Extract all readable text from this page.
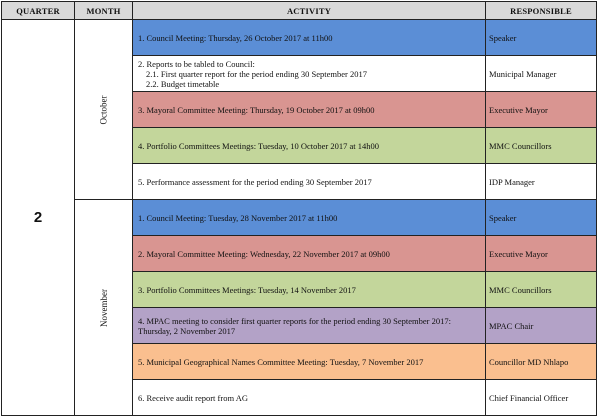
QUARTER	MONTH	ACTIVITY	RESPONSIBLE
2	October	1. Council Meeting: Thursday, 26 October 2017 at 11h00	Speaker

		2. Reports to be tabled to Council:
2.1. First quarter report for the period ending 30 September 2017
2.2. Budget timetable	Municipal Manager
		3. Mayoral Committee Meeting: Thursday, 19 October 2017 at 09h00	Executive Mayor
		4. Portfolio Committees Meetings: Tuesday, 10 October 2017 at 14h00	MMC Councillors
		5. Performance assessment for the period ending 30 September 2017	IDP Manager
	November	1. Council Meeting: Tuesday, 28 November 2017 at 11h00	Speaker
		2. Mayoral Committee Meeting: Wednesday, 22 November 2017 at 09h00	Executive Mayor
		3. Portfolio Committees Meetings: Tuesday, 14 November 2017	MMC Councillors
		4. MPAC meeting to consider first quarter reports for the period ending 30 September 2017: Thursday, 2 November 2017	MPAC Chair
		5. Municipal Geographical Names Committee Meeting: Tuesday, 7 November 2017	Councillor MD Nhlapo
		6. Receive audit report from AG	Chief Financial Officer
